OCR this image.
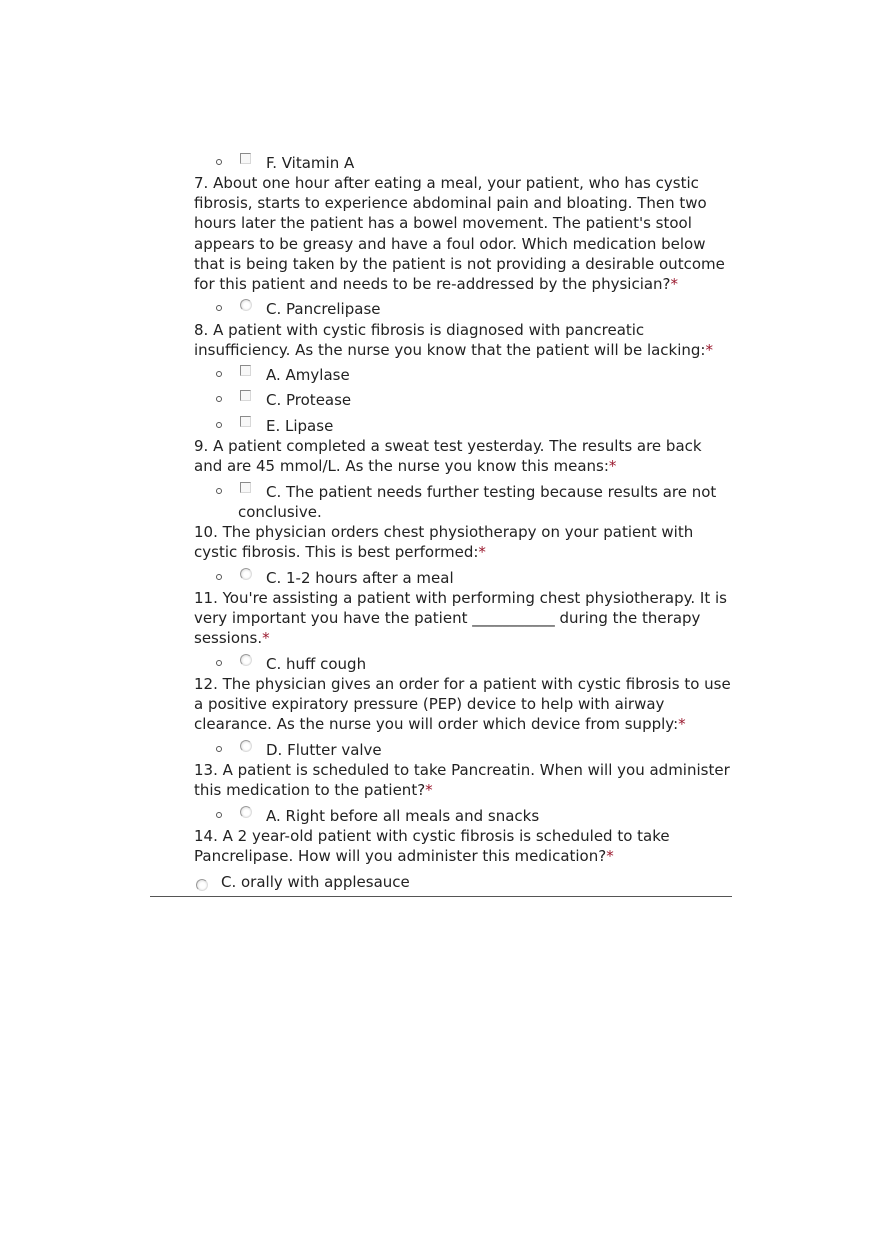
F. Vitamin A

7. About one hour after eating a meal, your patient, who has cystic fibrosis, starts to experience abdominal pain and bloating. Then two hours later the patient has a bowel movement. The patient's stool appears to be greasy and have a foul odor. Which medication below that is being taken by the patient is not providing a desirable outcome for this patient and needs to be re-addressed by the physician?*

C. Pancrelipase

8. A patient with cystic fibrosis is diagnosed with pancreatic insufficiency. As the nurse you know that the patient will be lacking:*

A. Amylase
C. Protease
E. Lipase

9. A patient completed a sweat test yesterday. The results are back and are 45 mmol/L. As the nurse you know this means:*

C. The patient needs further testing because results are not
conclusive.

10. The physician orders chest physiotherapy on your patient with cystic fibrosis. This is best performed:*

C. 1-2 hours after a meal

11. You're assisting a patient with performing chest physiotherapy. It is very important you have the patient ___________ during the therapy sessions.*

C. huff cough

12. The physician gives an order for a patient with cystic fibrosis to use a positive expiratory pressure (PEP) device to help with airway clearance. As the nurse you will order which device from supply:*

D. Flutter valve

13. A patient is scheduled to take Pancreatin. When will you administer this medication to the patient?*

A. Right before all meals and snacks

14. A 2 year-old patient with cystic fibrosis is scheduled to take Pancrelipase. How will you administer this medication?*

C. orally with applesauce
